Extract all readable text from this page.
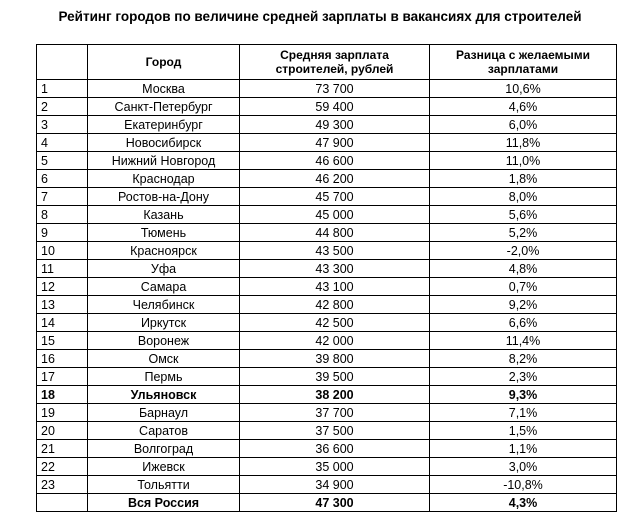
Рейтинг городов по величине средней зарплаты в вакансиях для строителей
	Город	Средняя зарплата строителей, рублей	Разница с желаемыми зарплатами
1	Москва	73 700	10,6%
2	Санкт-Петербург	59 400	4,6%
3	Екатеринбург	49 300	6,0%
4	Новосибирск	47 900	11,8%
5	Нижний Новгород	46 600	11,0%
6	Краснодар	46 200	1,8%
7	Ростов-на-Дону	45 700	8,0%
8	Казань	45 000	5,6%
9	Тюмень	44 800	5,2%
10	Красноярск	43 500	-2,0%
11	Уфа	43 300	4,8%
12	Самара	43 100	0,7%
13	Челябинск	42 800	9,2%
14	Иркутск	42 500	6,6%
15	Воронеж	42 000	11,4%
16	Омск	39 800	8,2%
17	Пермь	39 500	2,3%
18	Ульяновск	38 200	9,3%
19	Барнаул	37 700	7,1%
20	Саратов	37 500	1,5%
21	Волгоград	36 600	1,1%
22	Ижевск	35 000	3,0%
23	Тольятти	34 900	-10,8%
	Вся Россия	47 300	4,3%
